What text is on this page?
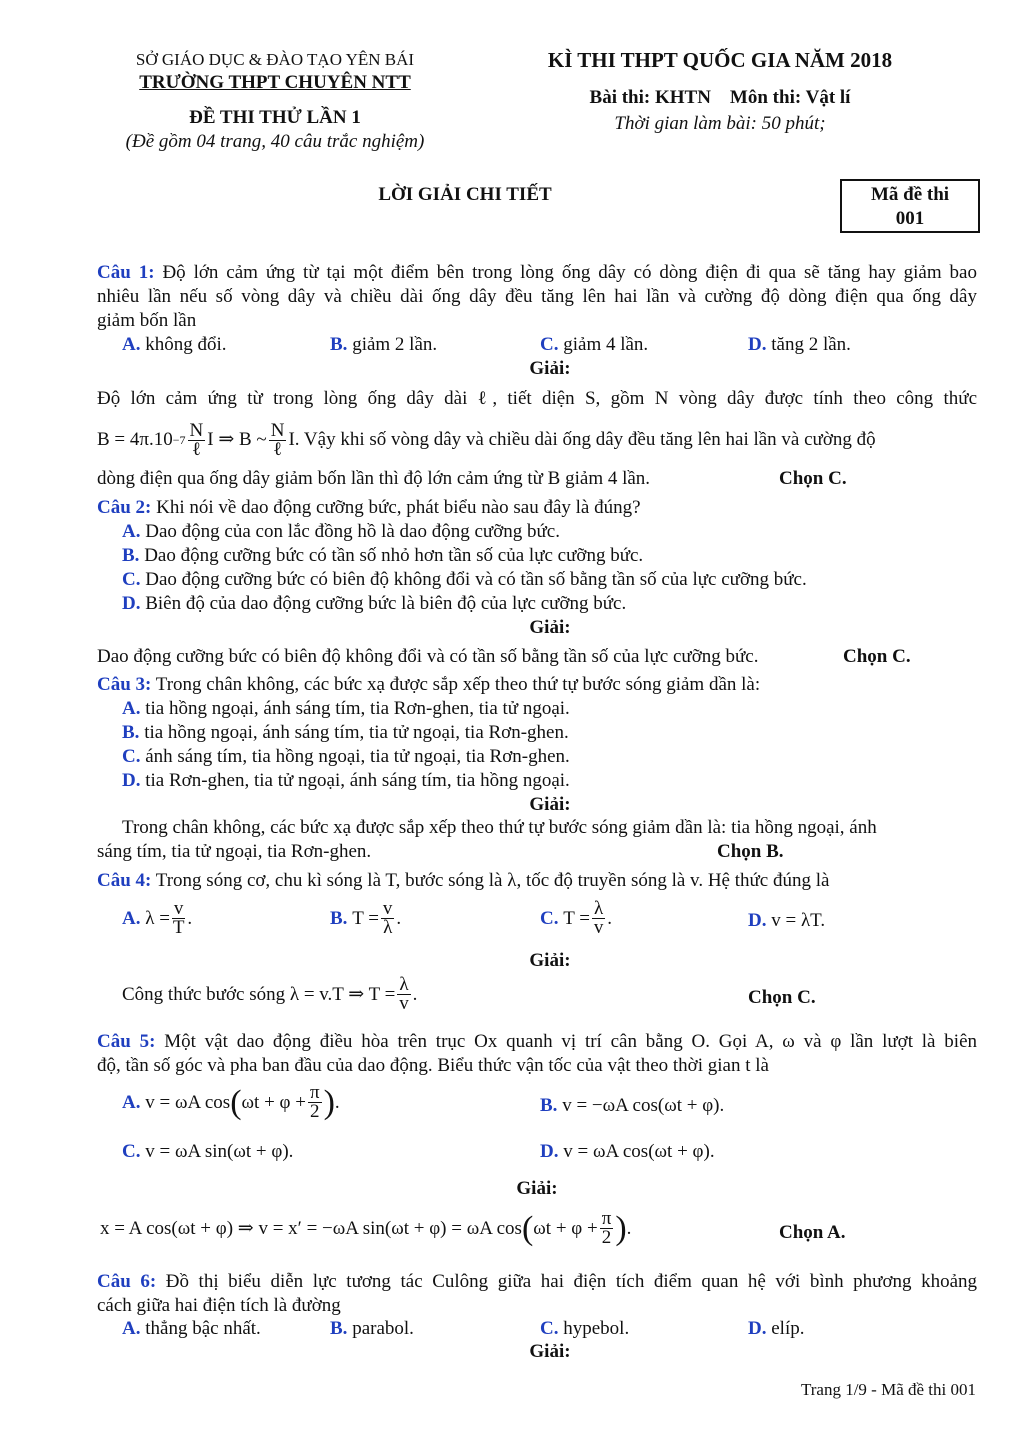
SỞ GIÁO DỤC & ĐÀO TẠO YÊN BÁI
TRƯỜNG THPT CHUYÊN NTT
ĐỀ THI THỬ LẦN 1
(Đề gồm 04 trang, 40 câu trắc nghiệm)
KÌ THI THPT QUỐC GIA NĂM 2018
Bài thi: KHTN    Môn thi: Vật lí
Thời gian làm bài: 50 phút;
LỜI GIẢI CHI TIẾT	Mã đề thi
001
Câu 1: Độ lớn cảm ứng từ tại một điểm bên trong lòng ống dây có dòng điện đi qua sẽ tăng hay giảm bao
nhiêu lần nếu số vòng dây và chiều dài ống dây đều tăng lên hai lần và cường độ dòng điện qua ống dây
giảm bốn lần
A. không đổi.	B. giảm 2 lần.	C. giảm 4 lần.	D. tăng 2 lần.
Giải:
Độ lớn cảm ứng từ trong lòng ống dây dài ℓ, tiết diện S, gồm N vòng dây được tính theo công thức
$B = 4\pi.10 -7 \frac{N}{\text{ℓ}}$ I ⇒ B ~ $\frac{N}{\text{ℓ}} I$. Vậy khi số vòng dây và chiều dài ống dây đều tăng lên hai lần và cường độ
dòng điện qua ống dây giảm bốn lần thì độ lớn cảm ứng từ B giảm 4 lần.	Chọn C.
Câu 2: Khi nói về dao động cưỡng bức, phát biểu nào sau đây là đúng?
A. Dao động của con lắc đồng hồ là dao động cưỡng bức.
B. Dao động cưỡng bức có tần số nhỏ hơn tần số của lực cưỡng bức.
C. Dao động cưỡng bức có biên độ không đổi và có tần số bằng tần số của lực cưỡng bức.
D. Biên độ của dao động cưỡng bức là biên độ của lực cưỡng bức.
Giải:
Dao động cưỡng bức có biên độ không đổi và có tần số bằng tần số của lực cưỡng bức.	Chọn C.
Câu 3: Trong chân không, các bức xạ được sắp xếp theo thứ tự bước sóng giảm dần là:
A. tia hồng ngoại, ánh sáng tím, tia Rơn-ghen, tia tử ngoại.
B. tia hồng ngoại, ánh sáng tím, tia tử ngoại, tia Rơn-ghen.
C. ánh sáng tím, tia hồng ngoại, tia tử ngoại, tia Rơn-ghen.
D. tia Rơn-ghen, tia tử ngoại, ánh sáng tím, tia hồng ngoại.
Giải:
Trong chân không, các bức xạ được sắp xếp theo thứ tự bước sóng giảm dần là: tia hồng ngoại, ánh
sáng tím, tia tử ngoại, tia Rơn-ghen.	Chọn B.
Câu 4: Trong sóng cơ, chu kì sóng là T, bước sóng là λ, tốc độ truyền sóng là v. Hệ thức đúng là
A.
$\lambda = \frac{v}{T}$ .	B.
$T = \frac{v}{\lambda}$ .	C.
$T = \frac{\lambda}{v}$ .	D. v = λT.
Giải:
Công thức bước sóng λ = v.T ⇒ $T = \frac{\lambda}{v}$ .	Chọn C.
Câu 5: Một vật dao động điều hòa trên trục Ox quanh vị trí cân bằng O. Gọi A, ω và φ lần lượt là biên
độ, tần số góc và pha ban đầu của dao động. Biểu thức vận tốc của vật theo thời gian t là
A.
v = ωA cos ( $\omega t + \varphi + \frac{\pi}{2}$ ) .	B. v = −ωA cos(ωt + φ).
C. v = ωA sin(ωt + φ).	D. v = ωA cos(ωt + φ).
Giải:
x = A cos(ωt + φ) ⇒ v = x′ = −ωA sin(ωt + φ) = ωA cos ( $\omega t + \varphi + \frac{\pi}{2}$ ) .	Chọn A.
Câu 6: Đồ thị biểu diễn lực tương tác Culông giữa hai điện tích điểm quan hệ với bình phương khoảng
cách giữa hai điện tích là đường
A. thẳng bậc nhất.	B. parabol.	C. hypebol.	D. elíp.
Giải:
Trang 1/9 - Mã đề thi 001
